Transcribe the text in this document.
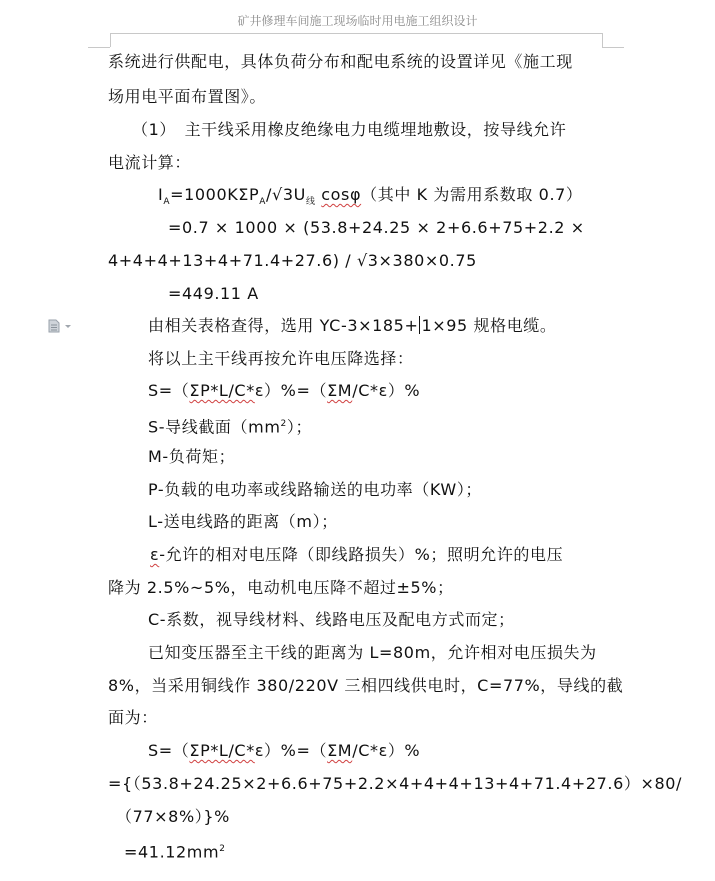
矿井修理车间施工现场临时用电施工组织设计
系统进行供配电，具体负荷分布和配电系统的设置详见《施工现
场用电平面布置图》。
（1）　主干线采用橡皮绝缘电力电缆埋地敷设，按导线允许
电流计算：
$I_A=1000K\Sigma P_A/√3U_线$ cosφ（其中 K 为需用系数取 0.7）
=0.7 × 1000 × (53.8+24.25 × 2+6.6+75+2.2 ×
4+4+4+13+4+71.4+27.6) / √3×380×0.75
=449.11 A
由相关表格查得，选用 YC-3×185+ 1×95 规格电缆。
将以上主干线再按允许电压降选择：
S=（ΣP*L/C*ε）%=（ΣM/C*ε）%
S-导线截面$(mm^2)$；
M-负荷矩；
P-负载的电功率或线路输送的电功率（KW）；
L-送电线路的距离（m）；
ε-允许的相对电压降（即线路损失）%；照明允许的电压
降为 2.5%~5%，电动机电压降不超过±5%；
C-系数，视导线材料、线路电压及配电方式而定；
已知变压器至主干线的距离为 L=80m，允许相对电压损失为
8%，当采用铜线作 380/220V 三相四线供电时，C=77%，导线的截
面为：
S=（ΣP*L/C*ε）%=（ΣM/C*ε）%
={（53.8+24.25×2+6.6+75+2.2×4+4+4+13+4+71.4+27.6）×80/
（77×8%）}%
$=41.12mm^2$
